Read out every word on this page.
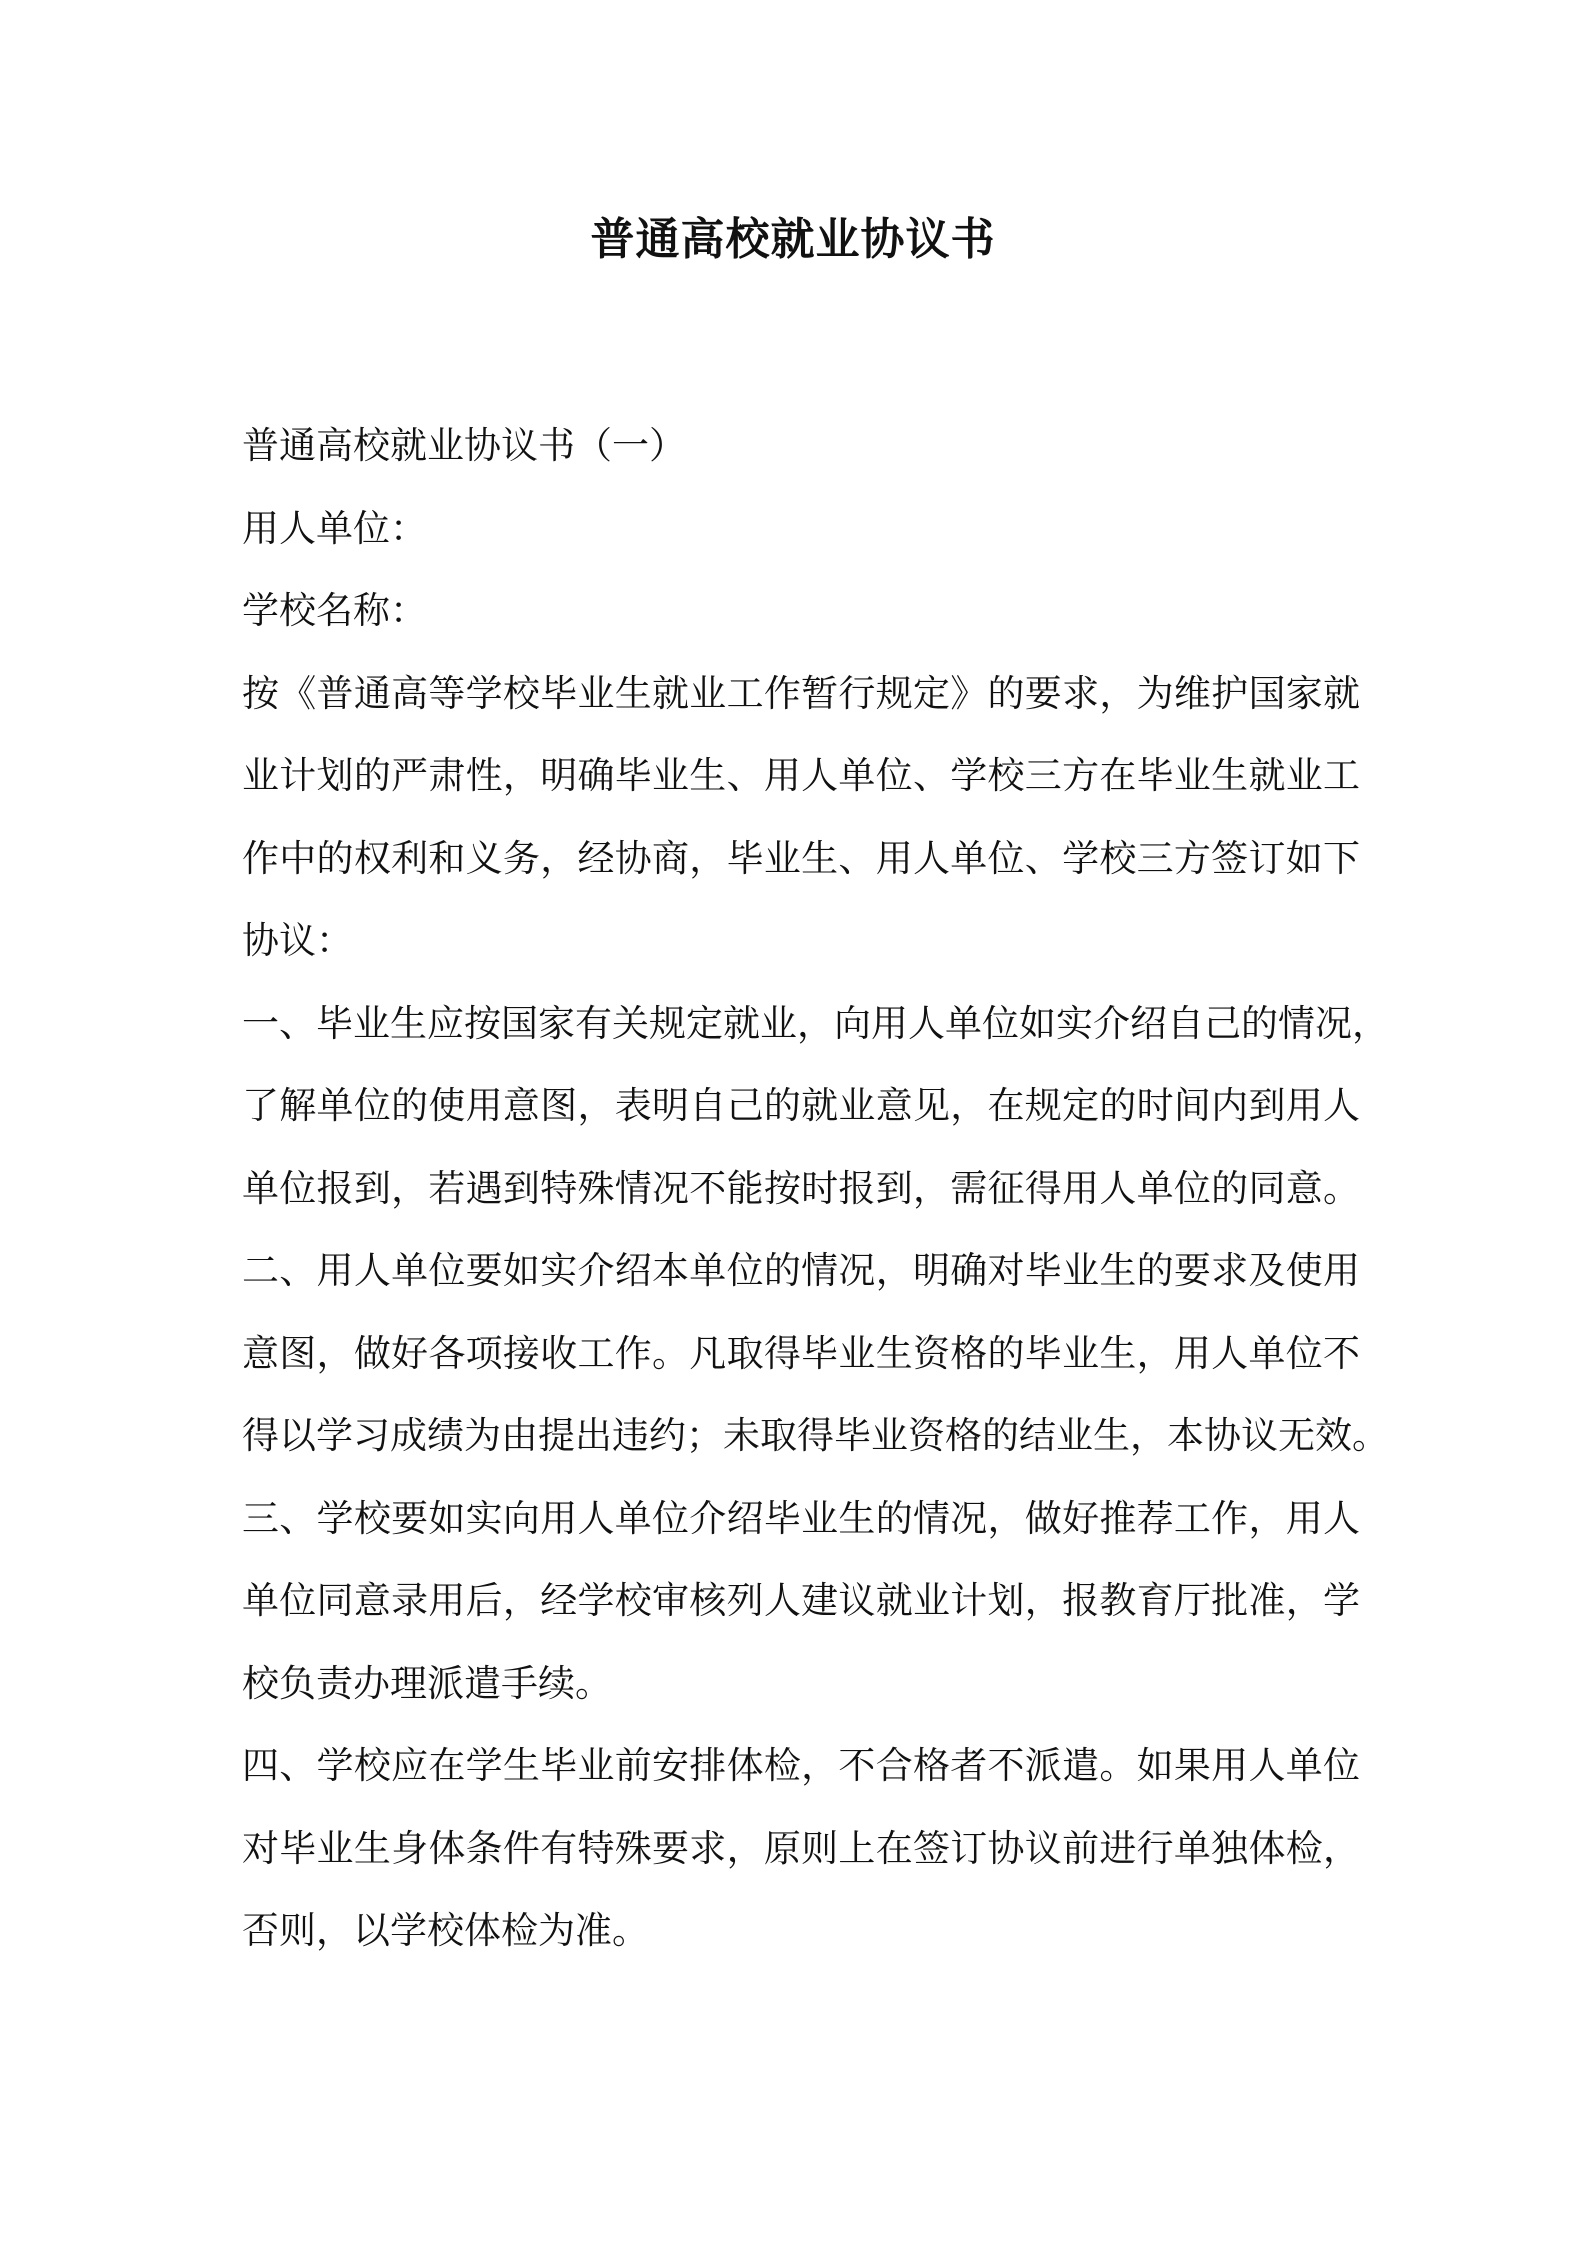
普通高校就业协议书
普通高校就业协议书（一）
用人单位：
学校名称：
按《普通高等学校毕业生就业工作暂行规定》的要求，为维护国家就
业计划的严肃性，明确毕业生、用人单位、学校三方在毕业生就业工
作中的权利和义务，经协商，毕业生、用人单位、学校三方签订如下
协议：
一、毕业生应按国家有关规定就业，向用人单位如实介绍自己的情况，
了解单位的使用意图，表明自己的就业意见，在规定的时间内到用人
单位报到，若遇到特殊情况不能按时报到，需征得用人单位的同意。
二、用人单位要如实介绍本单位的情况，明确对毕业生的要求及使用
意图，做好各项接收工作。凡取得毕业生资格的毕业生，用人单位不
得以学习成绩为由提出违约；未取得毕业资格的结业生，本协议无效。
三、学校要如实向用人单位介绍毕业生的情况，做好推荐工作，用人
单位同意录用后，经学校审核列人建议就业计划，报教育厅批准，学
校负责办理派遣手续。
四、学校应在学生毕业前安排体检，不合格者不派遣。如果用人单位
对毕业生身体条件有特殊要求，原则上在签订协议前进行单独体检，
否则，以学校体检为准。
